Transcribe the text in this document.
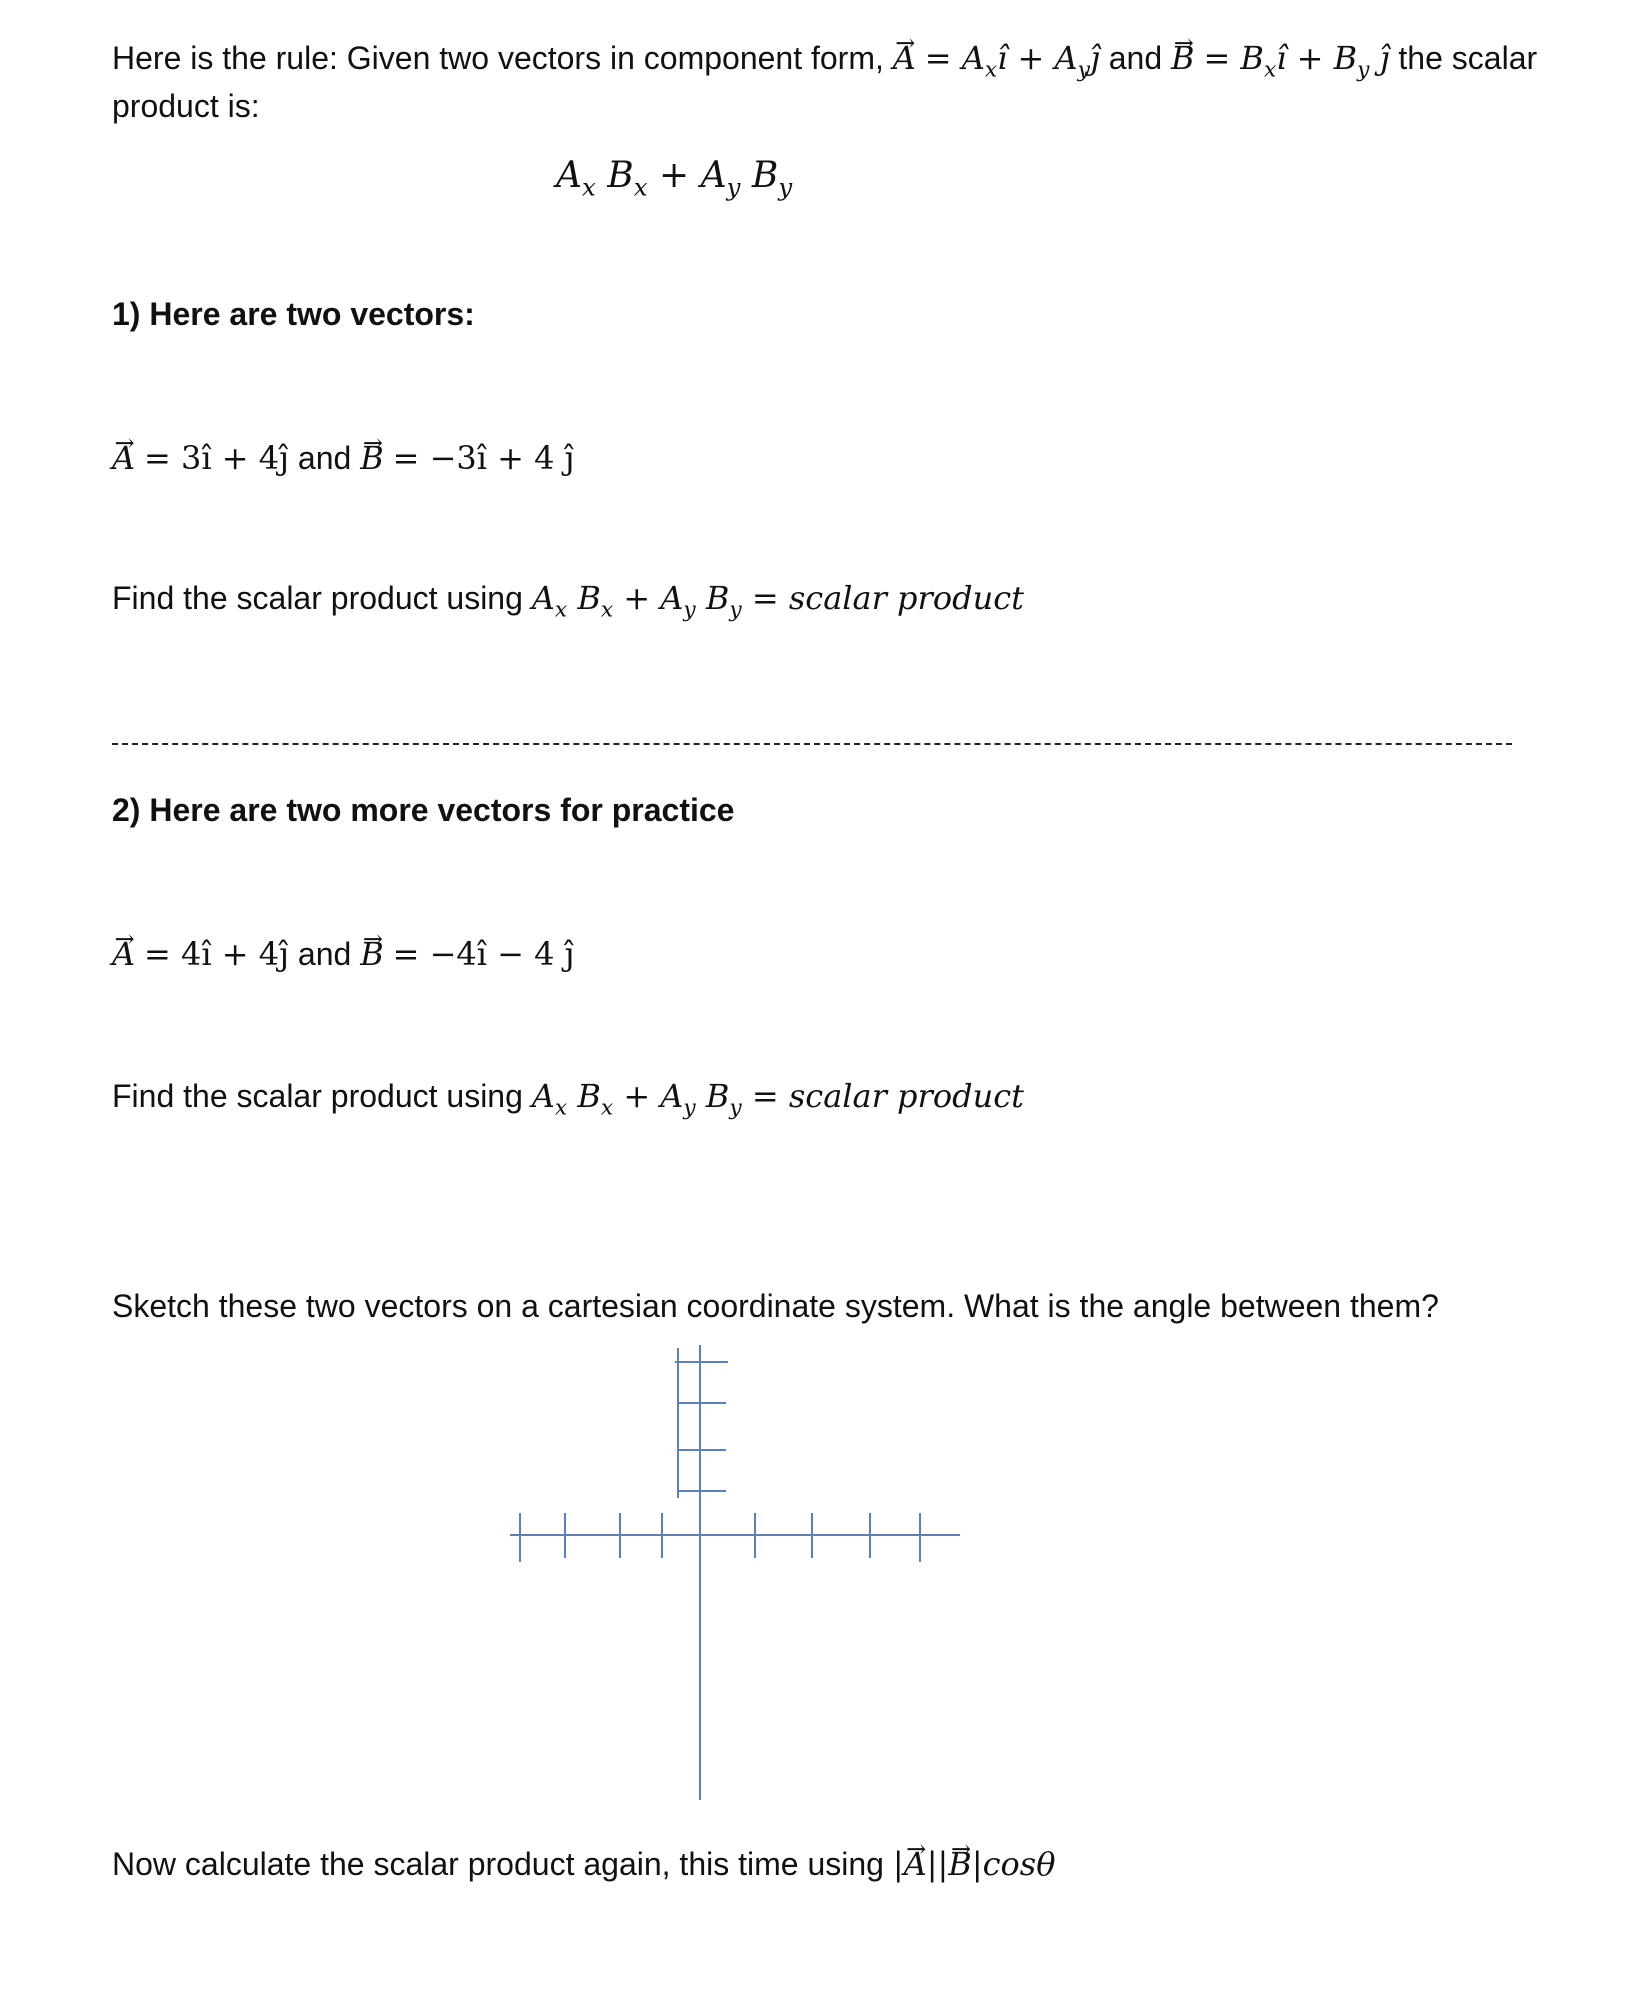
Here is the rule: Given two vectors in component form, A → = $A_xî$ + $A_yĵ$ and B → = $B_xî + B_y$ ĵ the scalar
product is:
$A_x$ $B_x + A_y$ $B_y$
1) Here are two vectors:
A → = 3î + 4ĵ and B → = −3î + 4 ĵ
Find the scalar product using $A_x$ $B_x + A_y$ $B_y$ = scalar product
2) Here are two more vectors for practice
A → = 4î + 4ĵ and B → = −4î − 4 ĵ
Find the scalar product using $A_x$ $B_x + A_y$ $B_y$ = scalar product
Sketch these two vectors on a cartesian coordinate system. What is the angle between them?
Now calculate the scalar product again, this time using |A →||B →|cosθ
